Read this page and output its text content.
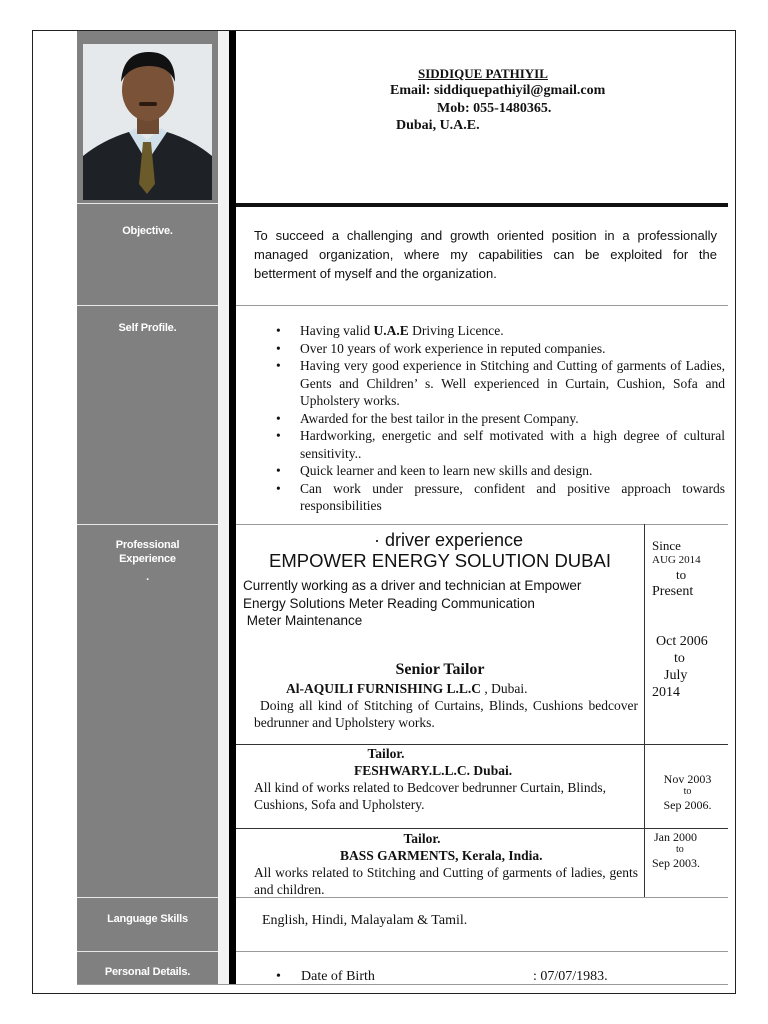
Objective.
Self Profile.
Professional Experience
.
Language Skills
Personal Details.
SIDDIQUE PATHIYIL
Email: siddiquepathiyil@gmail.com
Mob: 055-1480365.
Dubai, U.A.E.
To succeed a challenging and growth oriented position in a professionally managed organization, where my capabilities can be exploited for the betterment of myself and the organization.
• Having valid U.A.E Driving Licence.
• Over 10 years of work experience in reputed companies.
• Having very good experience in Stitching and Cutting of garments of Ladies, Gents and Children’ s. Well experienced in Curtain, Cushion, Sofa and Upholstery works.
• Awarded for the best tailor in the present Company.
• Hardworking, energetic and self motivated with a high degree of cultural sensitivity..
• Quick learner and keen to learn new skills and design.
• Can work under pressure, confident and positive approach towards responsibilities
· driver experience
EMPOWER ENERGY SOLUTION DUBAI
Currently working as a driver and technician at Empower
Energy Solutions Meter Reading Communication
Meter Maintenance
Since
AUG 2014
to
Present
Senior Tailor
Al-AQUILI FURNISHING L.L.C , Dubai.
Doing all kind of Stitching of Curtains, Blinds, Cushions bedcover bedrunner and Upholstery works.
Oct 2006
to
July
2014
Tailor.
FESHWARY.L.L.C. Dubai.
All kind of works related to Bedcover bedrunner Curtain, Blinds, Cushions, Sofa and Upholstery.
Nov 2003
to
Sep 2006.
Tailor.
BASS GARMENTS, Kerala, India.
All works related to Stitching and Cutting of garments of ladies, gents and children.
Jan 2000
to
Sep 2003.
English, Hindi, Malayalam & Tamil.
• Date of Birth	: 07/07/1983.
